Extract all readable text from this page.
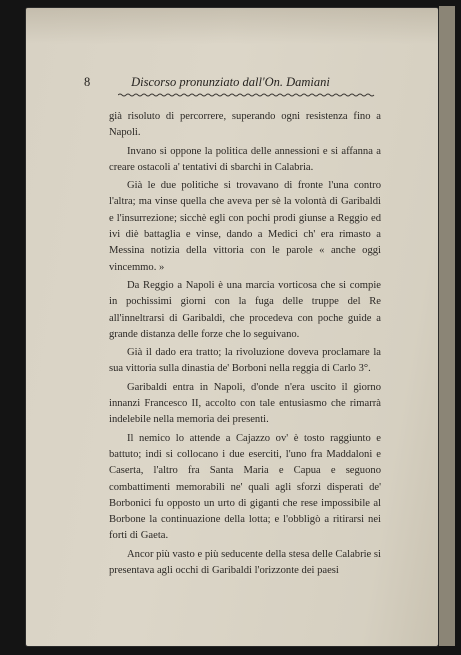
8	Discorso pronunziato dall'On. Damiani

già risoluto di percorrere, superando ogni resistenza fino a Napoli.

Invano si oppone la politica delle annessioni e si affanna a creare ostacoli a' tentativi di sbarchi in Calabria.

Già le due politiche si trovavano di fronte l'una contro l'altra; ma vinse quella che aveva per sè la volontà di Garibaldi e l'insurrezione; sicchè egli con pochi prodi giunse a Reggio ed ivi diè battaglia e vinse, dando a Medici ch' era rimasto a Messina notizia della vittoria con le parole « anche oggi vincemmo. »

Da Reggio a Napoli è una marcia vorticosa che si compie in pochissimi giorni con la fuga delle truppe del Re all'inneltrarsi di Garibaldi, che procedeva con poche guide a grande distanza delle forze che lo seguivano.

Già il dado era tratto; la rivoluzione doveva proclamare la sua vittoria sulla dinastia de' Borboni nella reggia di Carlo 3°.

Garibaldi entra in Napoli, d'onde n'era uscito il giorno innanzi Francesco II, accolto con tale entusiasmo che rimarrà indelebile nella memoria dei presenti.

Il nemico lo attende a Cajazzo ov' è tosto raggiunto e battuto; indi si collocano i due eserciti, l'uno fra Maddaloni e Caserta, l'altro fra Santa Maria e Capua e seguono combattimenti memorabili ne' quali agli sforzi disperati de' Borbonici fu opposto un urto di giganti che rese impossibile al Borbone la continuazione della lotta; e l'obbligò a ritirarsi nei forti di Gaeta.

Ancor più vasto e più seducente della stesa delle Calabrie si presentava agli occhi di Garibaldi l'orizzonte dei paesi
